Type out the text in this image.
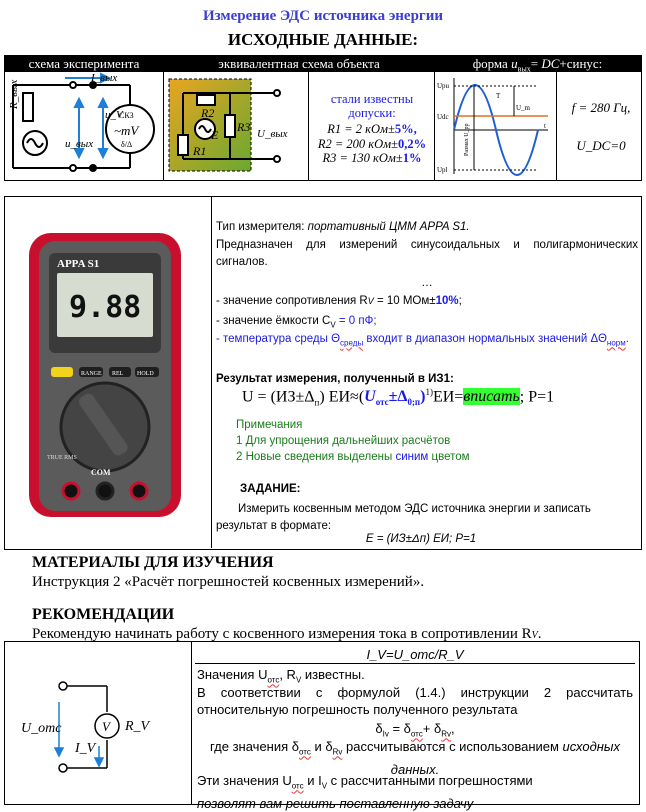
Измерение ЭДС источника энергии
ИСХОДНЫЕ ДАННЫЕ:
схема эксперимента	эквивалентная схема объекта	форма $u_{вых}=$ DC+синус:
R_вых
I_вых
u_V
u_вых
СКЗ
~mV
δ/Δ
R2
R3
E
R1
U_вых
стали известны допуски:
R1 = 2 кОм±5%,
R2 = 200 кОм±0,2%
R3 = 130 кОм±1%
Uрu
Udc
Upl
T
U_m
t
Размах U_pp
f = 280 Гц,
U_DC=0
APPA S1
9.88
RANGE REL HOLD
TRUE RMS
COM
Тип измерителя: портативный ЦММ APPA S1.
Предназначен для измерений синусоидальных и полигармонических сигналов.
…
- значение сопротивления RV = 10 МОм±10%;
- значение ёмкости $C_V = 0$ пФ;
- температура среды $\Theta_{среды}$ входит в диапазон нормальных значений $\Delta\Theta_{норм}$.
Результат измерения, полученный в ИЗ1:
$U = (ИЗ\pm\Delta_п)$ $ЕИ\approx(U_{отс}\pm\Delta_{0;п})^{1)}ЕИ=вписать$; P=1
Примечания
1 Для упрощения дальнейших расчётов
2 Новые сведения выделены синим цветом
ЗАДАНИЕ:
Измерить косвенным методом ЭДС источника энергии и записать результат в формате:
E = (ИЗ±Δп) ЕИ; P=1
МАТЕРИАЛЫ ДЛЯ ИЗУЧЕНИЯ
Инструкция 2 «Расчёт погрешностей косвенных измерений».
РЕКОМЕНДАЦИИ
Рекомендую начинать работу с косвенного измерения тока в сопротивлении RV.
V R_V
U_отс
I_V
I_V=U_отс/R_V
Значения $U_{отс}$, $R_V$ известны.
В соответствии с формулой (1.4.) инструкции 2 рассчитать относительную погрешность полученного результата
$\delta_{Iv} = \delta_{отс}+ \delta_{Rv}$,
где значения $\delta_{отс}$ и $\delta_{Rv}$ рассчитываются с использованием исходных данных.
Эти значения $U_{отс}$ и $I_V$ с рассчитанными погрешностями
позволят вам решить поставленную задачу
